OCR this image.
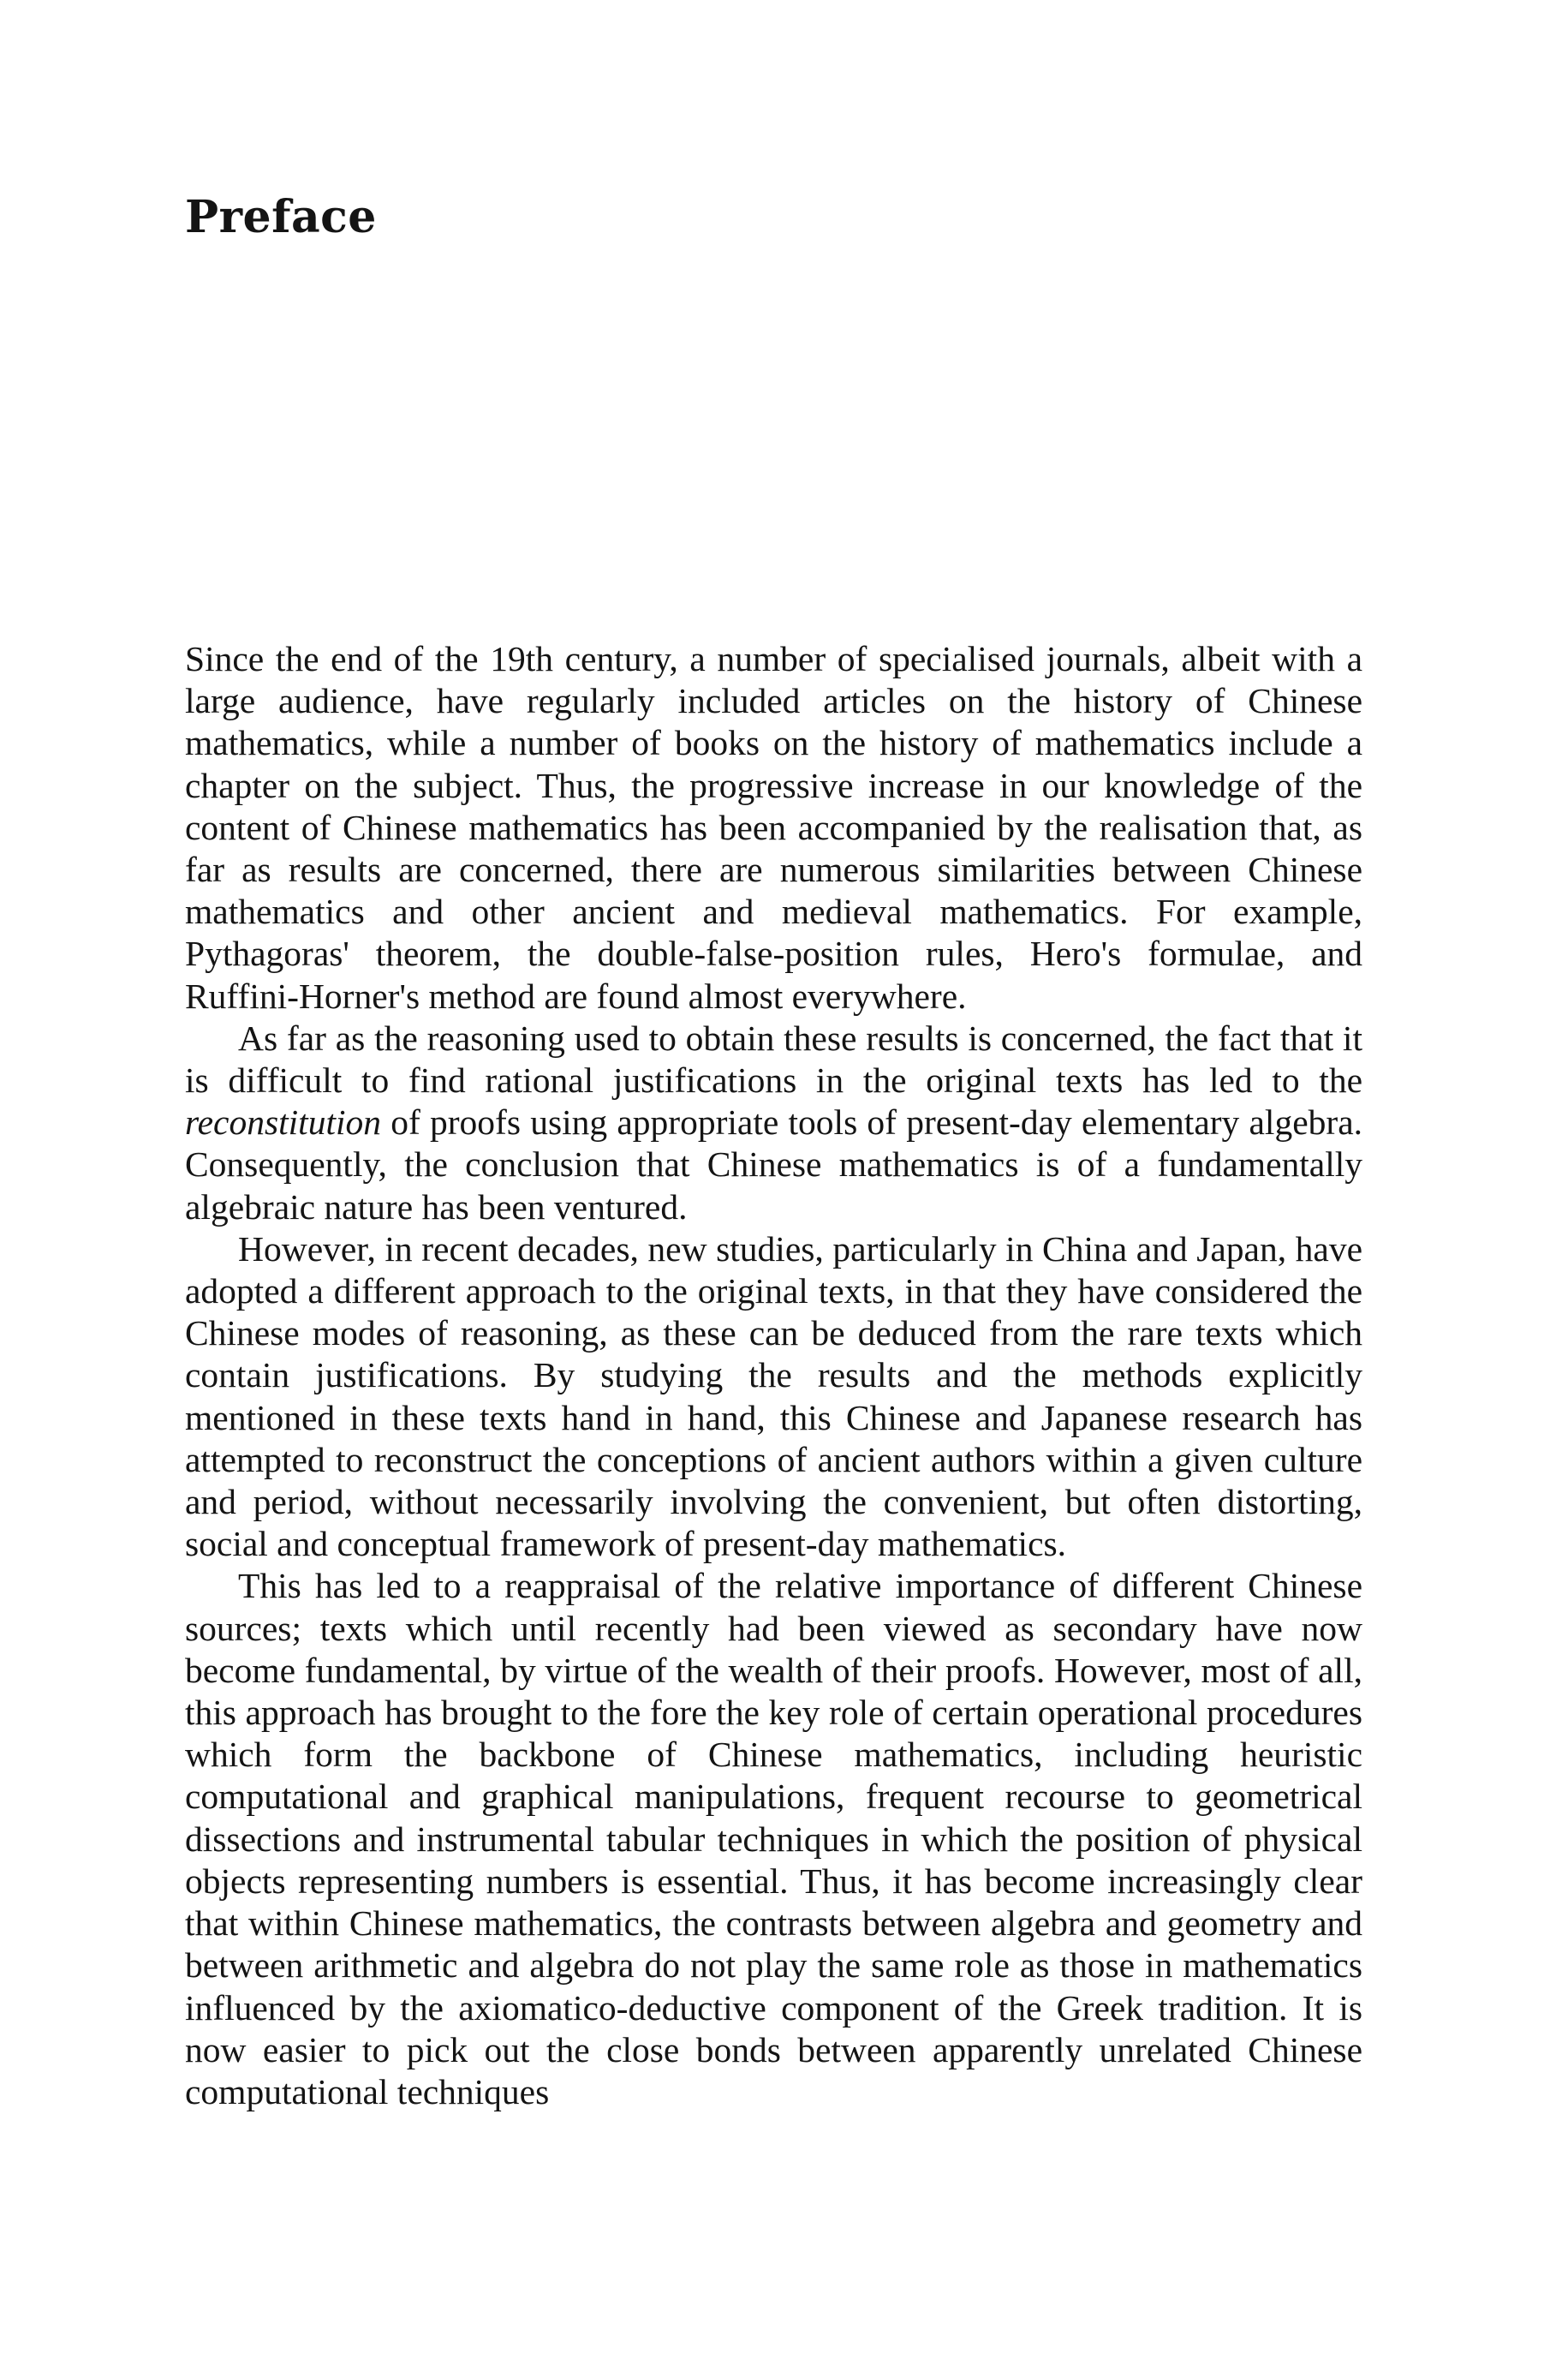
Preface

Since the end of the 19th century, a number of specialised journals, albeit with a large audience, have regularly included articles on the history of Chinese mathematics, while a number of books on the history of mathematics include a chapter on the subject. Thus, the progressive increase in our knowledge of the content of Chinese mathematics has been accompanied by the realisation that, as far as results are concerned, there are numerous similarities between Chinese mathematics and other ancient and medieval mathematics. For example, Pythagoras' theorem, the double-false-position rules, Hero's formulae, and Ruffini-Horner's method are found almost everywhere.

As far as the reasoning used to obtain these results is concerned, the fact that it is difficult to find rational justifications in the original texts has led to the reconstitution of proofs using appropriate tools of present-day elementary algebra. Consequently, the conclusion that Chinese mathematics is of a fundamentally algebraic nature has been ventured.

However, in recent decades, new studies, particularly in China and Japan, have adopted a different approach to the original texts, in that they have considered the Chinese modes of reasoning, as these can be deduced from the rare texts which contain justifications. By studying the results and the methods explicitly mentioned in these texts hand in hand, this Chinese and Japanese research has attempted to reconstruct the conceptions of ancient authors within a given culture and period, without necessarily involving the convenient, but often distorting, social and conceptual framework of present-day mathematics.

This has led to a reappraisal of the relative importance of different Chinese sources; texts which until recently had been viewed as secondary have now become fundamental, by virtue of the wealth of their proofs. However, most of all, this approach has brought to the fore the key role of certain operational procedures which form the backbone of Chinese mathematics, including heuristic computational and graphical manipulations, frequent recourse to geometrical dissections and instrumental tabular techniques in which the position of physical objects representing numbers is essential. Thus, it has become increasingly clear that within Chinese mathematics, the contrasts between algebra and geometry and between arithmetic and algebra do not play the same role as those in mathematics influenced by the axiomatico-deductive component of the Greek tradition. It is now easier to pick out the close bonds between apparently unrelated Chinese computational techniques
